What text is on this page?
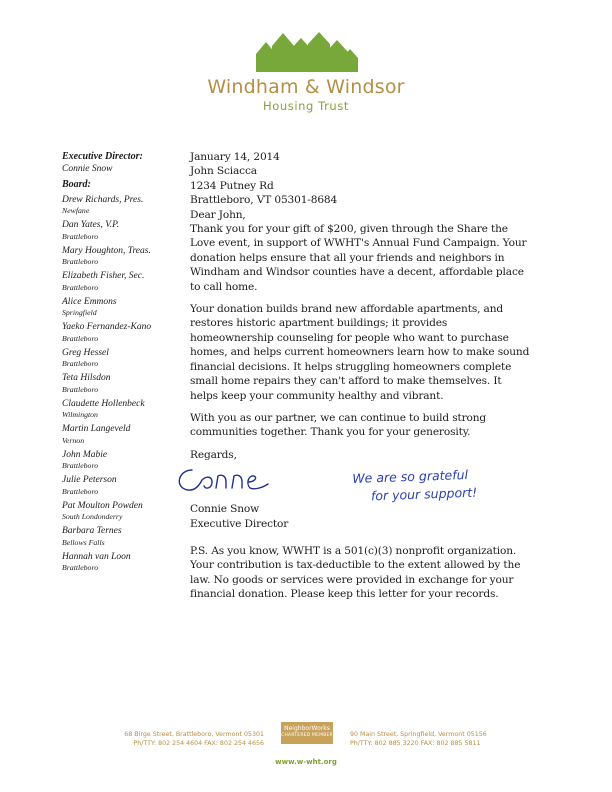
Windham & Windsor
Housing Trust
Executive Director:
Connie Snow
Board:
Drew Richards, Pres.
Newfane
Dan Yates, V.P.
Brattleboro
Mary Houghton, Treas.
Brattleboro
Elizabeth Fisher, Sec.
Brattleboro
Alice Emmons
Springfield
Yaeko Fernandez-Kano
Brattleboro
Greg Hessel
Brattleboro
Teta Hilsdon
Brattleboro
Claudette Hollenbeck
Wilmington
Martin Langeveld
Vernon
John Mabie
Brattleboro
Julie Peterson
Brattleboro
Pat Moulton Powden
South Londonderry
Barbara Ternes
Bellows Falls
Hannah van Loon
Brattleboro

January 14, 2014

John Sciacca

1234 Putney Rd

Brattleboro, VT 05301-8684

Dear John,

Thank you for your gift of $200, given through the Share the Love event, in support of WWHT's Annual Fund Campaign. Your donation helps ensure that all your friends and neighbors in Windham and Windsor counties have a decent, affordable place to call home.

Your donation builds brand new affordable apartments, and restores historic apartment buildings; it provides homeownership counseling for people who want to purchase homes, and helps current homeowners learn how to make sound financial decisions. It helps struggling homeowners complete small home repairs they can't afford to make themselves. It helps keep your community healthy and vibrant.

With you as our partner, we can continue to build strong communities together. Thank you for your generosity.

Regards,

Connie Snow

Executive Director

P.S. As you know, WWHT is a 501(c)(3) nonprofit organization. Your contribution is tax-deductible to the extent allowed by the law. No goods or services were provided in exchange for your financial donation. Please keep this letter for your records.

We are so grateful
for your support!
68 Birge Street, Brattleboro, Vermont 05301
Ph/TTY: 802 254 4604 FAX: 802 254 4656
NeighborWorks
CHARTERED MEMBER	90 Main Street, Springfield, Vermont 05156
Ph/TTY: 802 885 3220 FAX: 802 885 5811
www.w-wht.org
